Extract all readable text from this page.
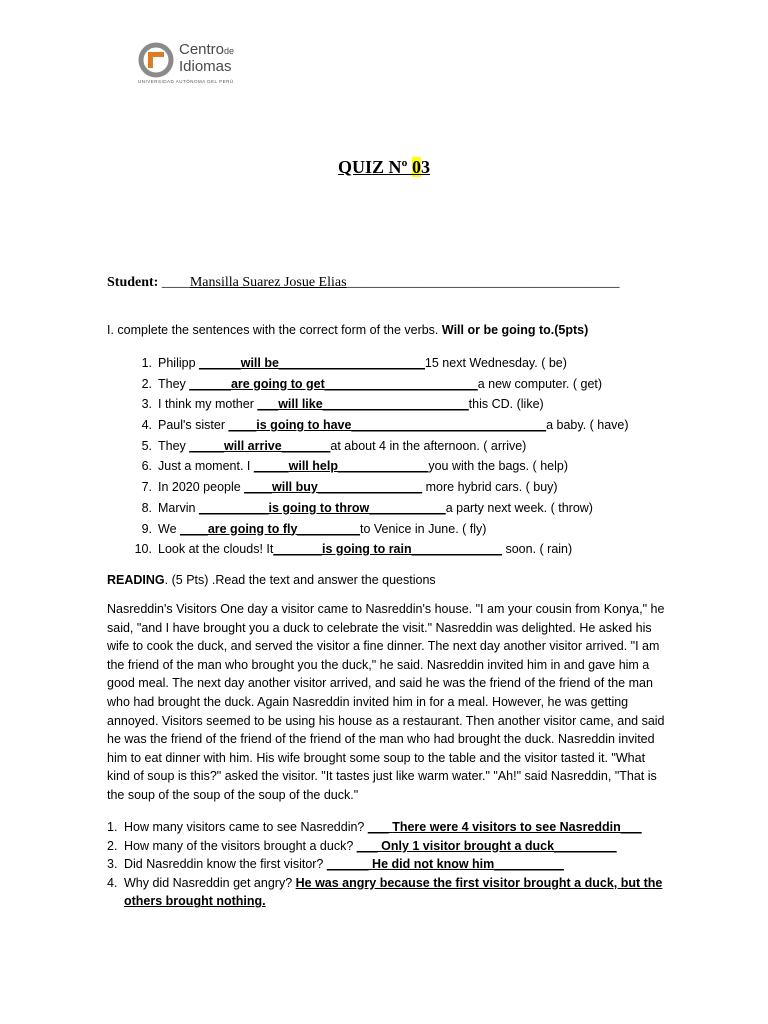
Centrode
Idiomas
UNIVERSIDAD AUTÓNOMA DEL PERÚ
QUIZ Nº 03
Student: ____Mansilla Suarez Josue Elias_______________________________________
I. complete the sentences with the correct form of the verbs. Will or be going to.(5pts)
1. Philipp ______will be_____________________15 next Wednesday. ( be)
2. They ______are going to get______________________a new computer. ( get)
3. I think my mother ___will like_____________________this CD. (like)
4. Paul's sister ____is going to have____________________________a baby. ( have)
5. They _____will arrive_______at about 4 in the afternoon. ( arrive)
6. Just a moment. I _____will help_____________you with the bags. ( help)
7. In 2020 people ____will buy_______________ more hybrid cars. ( buy)
8. Marvin __________is going to throw___________a party next week. ( throw)
9. We ____are going to fly_________to Venice in June. ( fly)
10. Look at the clouds! It_______is going to rain_____________ soon. ( rain)
READING. (5 Pts) .Read the text and answer the questions
Nasreddin's Visitors One day a visitor came to Nasreddin's house. "I am your cousin from Konya," he said, "and I have brought you a duck to celebrate the visit." Nasreddin was delighted. He asked his wife to cook the duck, and served the visitor a fine dinner. The next day another visitor arrived. "I am the friend of the man who brought you the duck," he said. Nasreddin invited him in and gave him a good meal. The next day another visitor arrived, and said he was the friend of the friend of the man who had brought the duck. Again Nasreddin invited him in for a meal. However, he was getting annoyed. Visitors seemed to be using his house as a restaurant. Then another visitor came, and said he was the friend of the friend of the friend of the man who had brought the duck. Nasreddin invited him to eat dinner with him. His wife brought some soup to the table and the visitor tasted it. "What kind of soup is this?" asked the visitor. "It tastes just like warm water." "Ah!" said Nasreddin, "That is the soup of the soup of the soup of the duck."
1. How many visitors came to see Nasreddin? ___ There were 4 visitors to see Nasreddin___
2. How many of the visitors brought a duck? ___ Only 1 visitor brought a duck_________
3. Did Nasreddin know the first visitor? ______ He did not know him__________
4. Why did Nasreddin get angry? He was angry because the first visitor brought a duck, but the others brought nothing.
